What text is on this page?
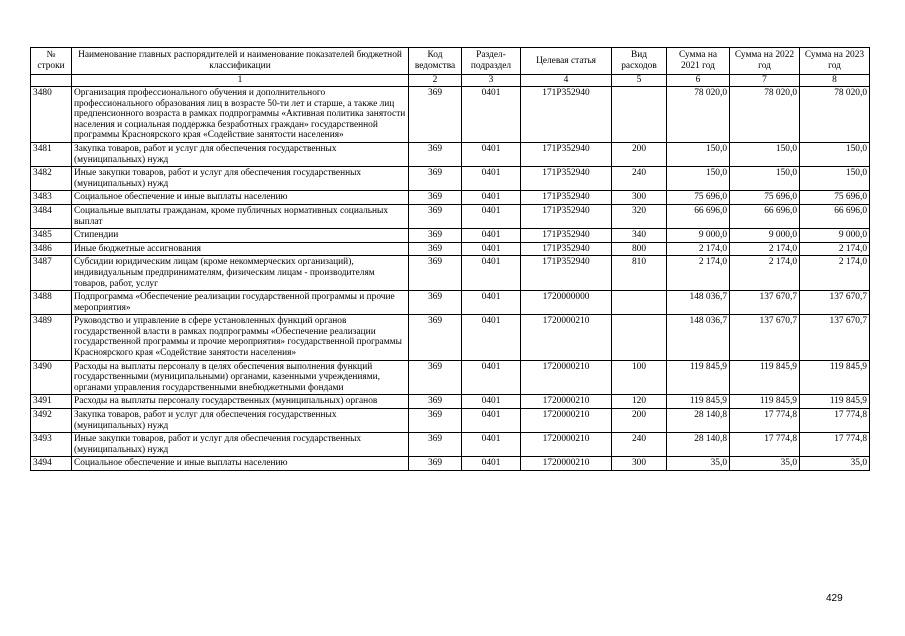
№ строки	Наименование главных распорядителей и наименование показателей бюджетной классификации	Код ведомства	Раздел-подраздел	Целевая статья	Вид расходов	Сумма на 2021 год	Сумма на 2022 год	Сумма на 2023 год
	1	2	3	4	5	6	7	8
3480	Организация профессионального обучения и дополнительного профессионального образования лиц в возрасте 50-ти лет и старше, а также лиц предпенсионного возраста в рамках подпрограммы «Активная политика занятости населения и социальная поддержка безработных граждан» государственной программы Красноярского края «Содействие занятости населения»	369	0401	171P352940		78 020,0	78 020,0	78 020,0
3481	Закупка товаров, работ и услуг для обеспечения государственных (муниципальных) нужд	369	0401	171P352940	200	150,0	150,0	150,0
3482	Иные закупки товаров, работ и услуг для обеспечения государственных (муниципальных) нужд	369	0401	171P352940	240	150,0	150,0	150,0
3483	Социальное обеспечение и иные выплаты населению	369	0401	171P352940	300	75 696,0	75 696,0	75 696,0
3484	Социальные выплаты гражданам, кроме публичных нормативных социальных выплат	369	0401	171P352940	320	66 696,0	66 696,0	66 696,0
3485	Стипендии	369	0401	171P352940	340	9 000,0	9 000,0	9 000,0
3486	Иные бюджетные ассигнования	369	0401	171P352940	800	2 174,0	2 174,0	2 174,0
3487	Субсидии юридическим лицам (кроме некоммерческих организаций), индивидуальным предпринимателям, физическим лицам - производителям товаров, работ, услуг	369	0401	171P352940	810	2 174,0	2 174,0	2 174,0
3488	Подпрограмма «Обеспечение реализации государственной программы и прочие мероприятия»	369	0401	1720000000		148 036,7	137 670,7	137 670,7
3489	Руководство и управление в сфере установленных функций органов государственной власти в рамках подпрограммы «Обеспечение реализации государственной программы и прочие мероприятия» государственной программы Красноярского края «Содействие занятости населения»	369	0401	1720000210		148 036,7	137 670,7	137 670,7
3490	Расходы на выплаты персоналу в целях обеспечения выполнения функций государственными (муниципальными) органами, казенными учреждениями, органами управления государственными внебюджетными фондами	369	0401	1720000210	100	119 845,9	119 845,9	119 845,9
3491	Расходы на выплаты персоналу государственных (муниципальных) органов	369	0401	1720000210	120	119 845,9	119 845,9	119 845,9
3492	Закупка товаров, работ и услуг для обеспечения государственных (муниципальных) нужд	369	0401	1720000210	200	28 140,8	17 774,8	17 774,8
3493	Иные закупки товаров, работ и услуг для обеспечения государственных (муниципальных) нужд	369	0401	1720000210	240	28 140,8	17 774,8	17 774,8
3494	Социальное обеспечение и иные выплаты населению	369	0401	1720000210	300	35,0	35,0	35,0
429
